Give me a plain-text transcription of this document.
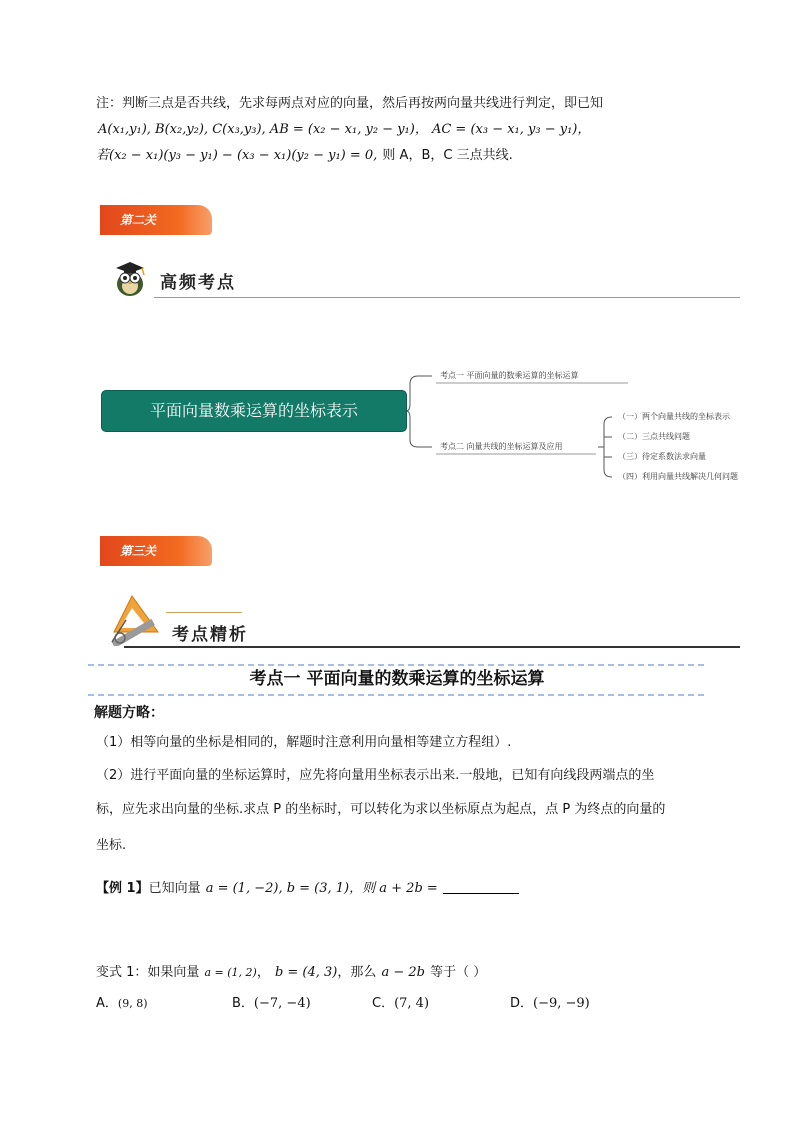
注：判断三点是否共线，先求每两点对应的向量，然后再按两向量共线进行判定，即已知
A(x₁,y₁), B(x₂,y₂), C(x₃,y₃), AB = (x₂ − x₁, y₂ − y₁)， AC = (x₃ − x₁, y₃ − y₁)，
若(x₂ − x₁)(y₃ − y₁) − (x₃ − x₁)(y₂ − y₁) = 0, 则 A，B，C 三点共线.
第二关
高频考点
平面向量数乘运算的坐标表示
考点一 平面向量的数乘运算的坐标运算
考点二 向量共线的坐标运算及应用
（一）两个向量共线的坐标表示
（二）三点共线问题
（三）待定系数法求向量
（四）利用向量共线解决几何问题
第三关
考点精析
考点一 平面向量的数乘运算的坐标运算
解题方略：
（1）相等向量的坐标是相同的，解题时注意利用向量相等建立方程组）.
（2）进行平面向量的坐标运算时，应先将向量用坐标表示出来.一般地，已知有向线段两端点的坐
标，应先求出向量的坐标.求点 P 的坐标时，可以转化为求以坐标原点为起点，点 P 为终点的向量的
坐标.
【例 1】已知向量 a = (1, −2), b = (3, 1)，则 a + 2b =
变式 1：如果向量 a = (1, 2)， b = (4, 3)，那么 a − 2b 等于（ ）
A．(9, 8)	B．(−7, −4)	C．(7, 4)	D．(−9, −9)
